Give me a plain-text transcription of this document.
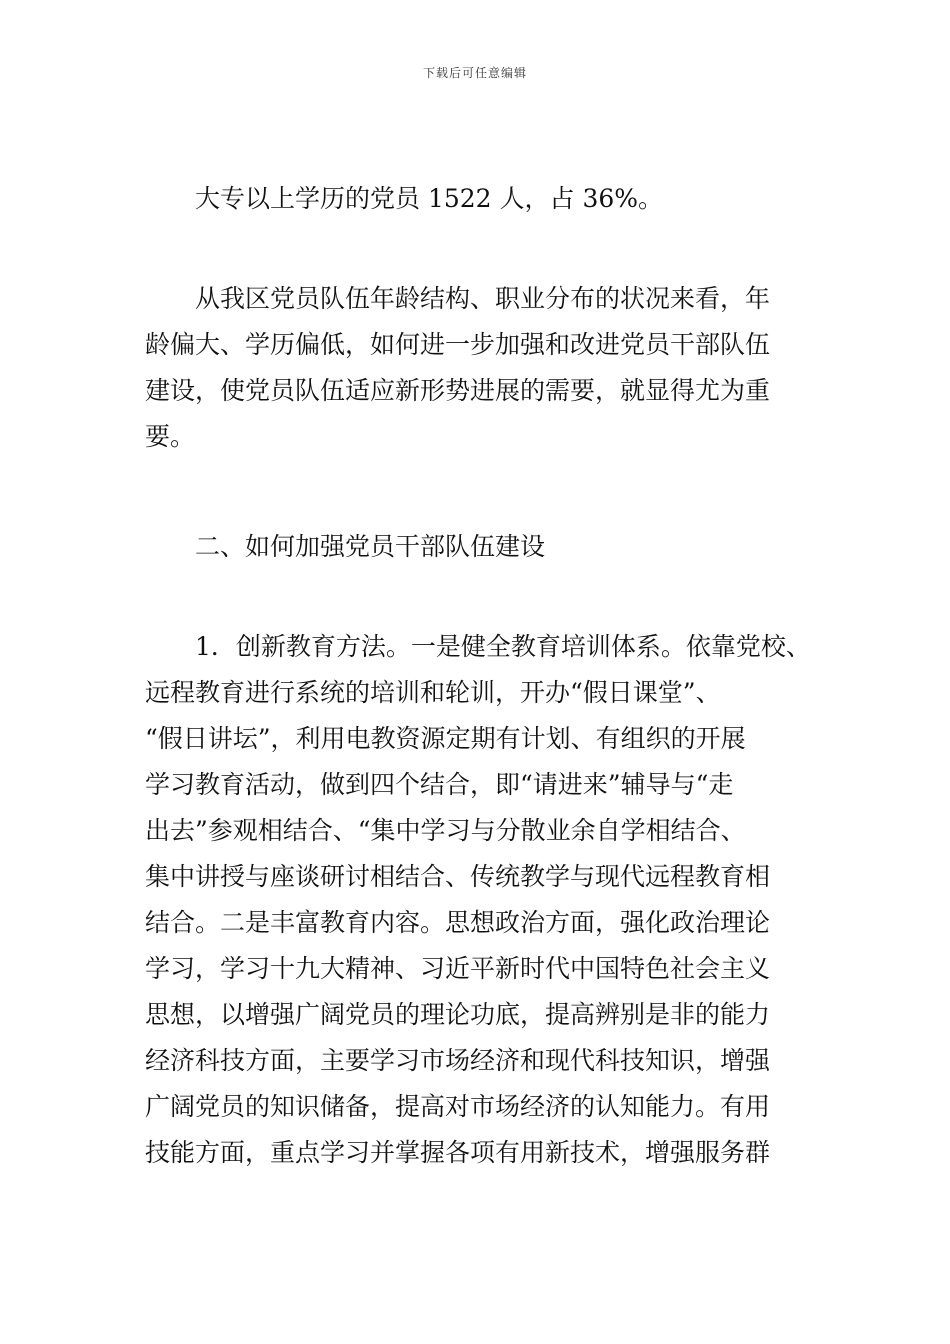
下载后可任意编辑
大专以上学历的党员 1522 人，占 36%。
从我区党员队伍年龄结构、职业分布的状况来看，年
龄偏大、学历偏低，如何进一步加强和改进党员干部队伍
建设，使党员队伍适应新形势进展的需要，就显得尤为重
要。
二、如何加强党员干部队伍建设
1．创新教育方法。一是健全教育培训体系。依靠党校、
远程教育进行系统的培训和轮训，开办“假日课堂”、
“假日讲坛”，利用电教资源定期有计划、有组织的开展
学习教育活动，做到四个结合，即“请进来”辅导与“走
出去”参观相结合、“集中学习与分散业余自学相结合、
集中讲授与座谈研讨相结合、传统教学与现代远程教育相
结合。二是丰富教育内容。思想政治方面，强化政治理论
学习，学习十九大精神、习近平新时代中国特色社会主义
思想，以增强广阔党员的理论功底，提高辨别是非的能力
经济科技方面，主要学习市场经济和现代科技知识，增强
广阔党员的知识储备，提高对市场经济的认知能力。有用
技能方面，重点学习并掌握各项有用新技术，增强服务群
